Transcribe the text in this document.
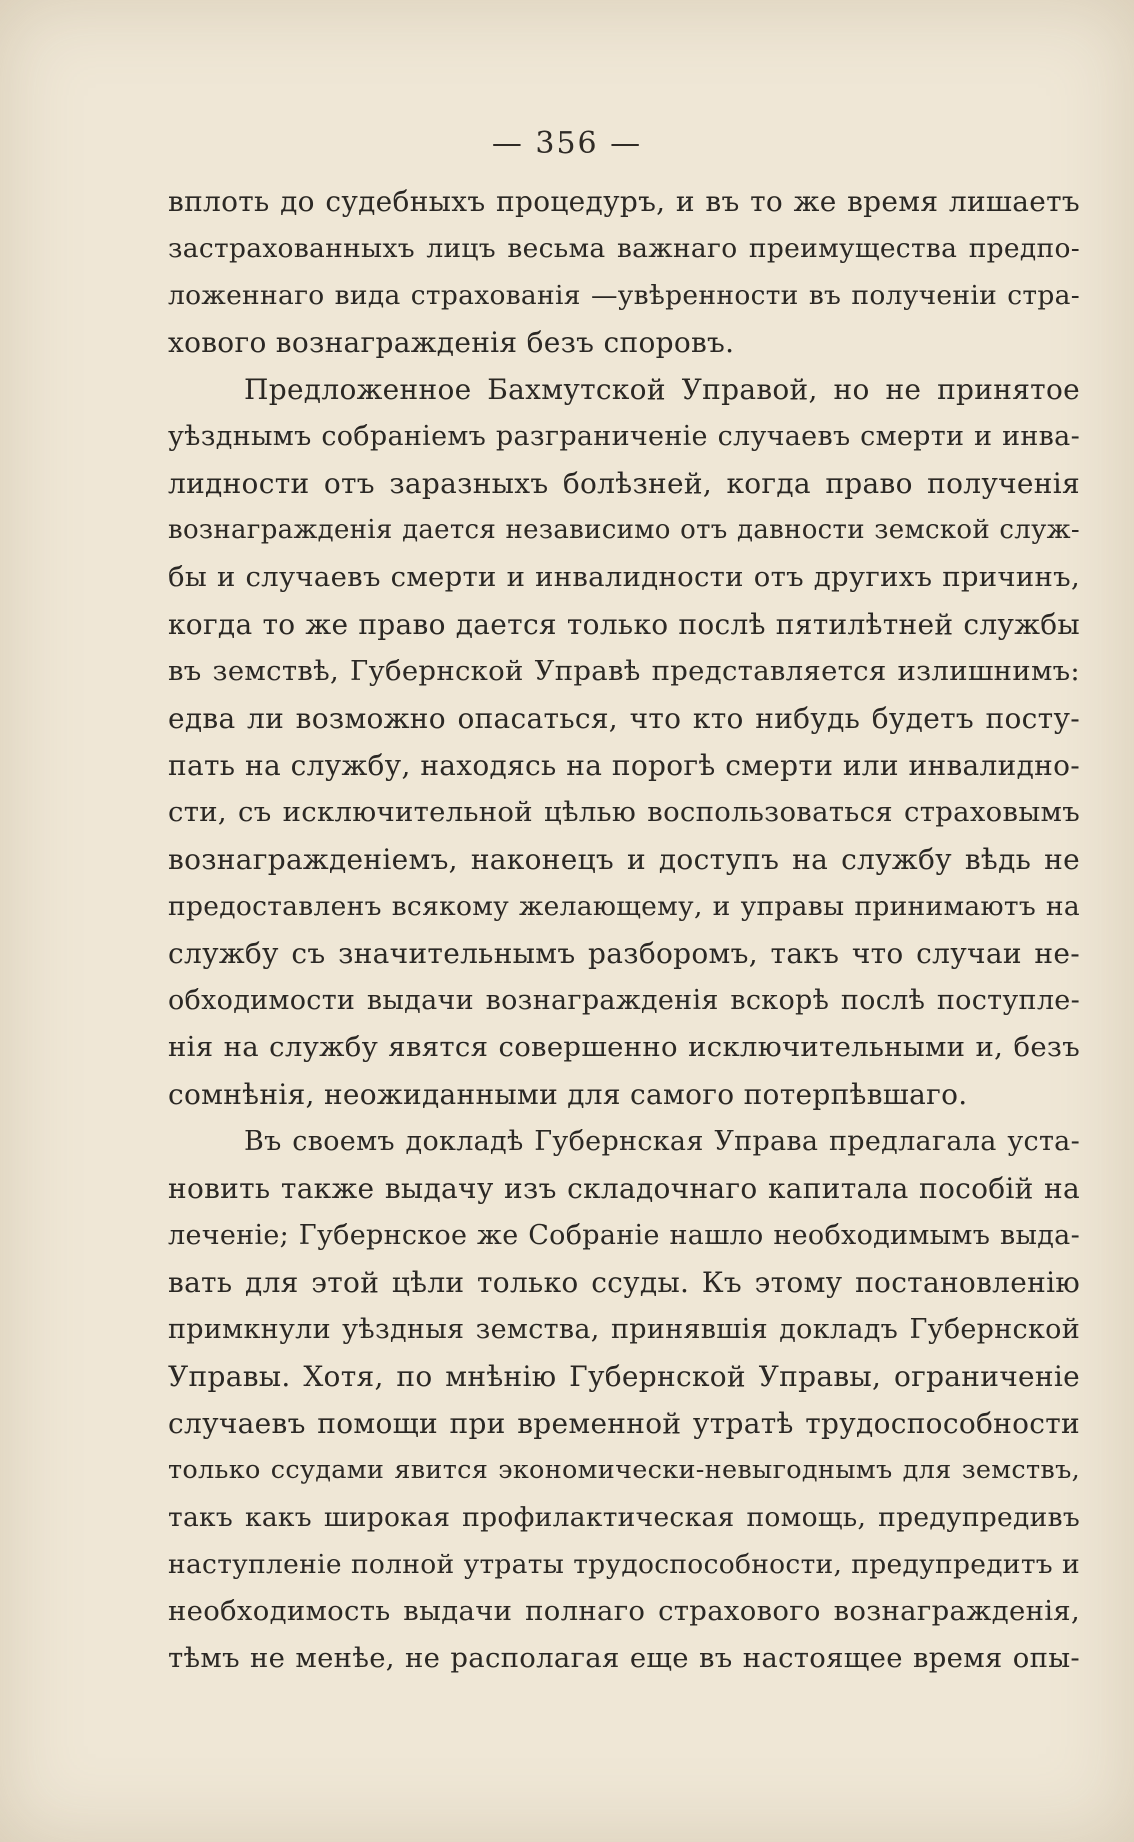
— 356 —
вплоть до судебныхъ процедуръ, и въ то же время лишаетъ
застрахованныхъ лицъ весьма важнаго преимущества предпо-
ложеннаго вида страхованія —увѣренности въ полученіи стра-
хового вознагражденія безъ споровъ.
Предложенное Бахмутской Управой, но не принятое
уѣзднымъ собраніемъ разграниченіе случаевъ смерти и инва-
лидности отъ заразныхъ болѣзней, когда право полученія
вознагражденія дается независимо отъ давности земской служ-
бы и случаевъ смерти и инвалидности отъ другихъ причинъ,
когда то же право дается только послѣ пятилѣтней службы
въ земствѣ, Губернской Управѣ представляется излишнимъ:
едва ли возможно опасаться, что кто нибудь будетъ посту-
пать на службу, находясь на порогѣ смерти или инвалидно-
сти, съ исключительной цѣлью воспользоваться страховымъ
вознагражденіемъ, наконецъ и доступъ на службу вѣдь не
предоставленъ всякому желающему, и управы принимаютъ на
службу съ значительнымъ разборомъ, такъ что случаи не-
обходимости выдачи вознагражденія вскорѣ послѣ поступле-
нія на службу явятся совершенно исключительными и, безъ
сомнѣнія, неожиданными для самого потерпѣвшаго.
Въ своемъ докладѣ Губернская Управа предлагала уста-
новить также выдачу изъ складочнаго капитала пособій на
леченіе; Губернское же Собраніе нашло необходимымъ выда-
вать для этой цѣли только ссуды. Къ этому постановленію
примкнули уѣздныя земства, принявшія докладъ Губернской
Управы. Хотя, по мнѣнію Губернской Управы, ограниченіе
случаевъ помощи при временной утратѣ трудоспособности
только ссудами явится экономически-невыгоднымъ для земствъ,
такъ какъ широкая профилактическая помощь, предупредивъ
наступленіе полной утраты трудоспособности, предупредитъ и
необходимость выдачи полнаго страхового вознагражденія,
тѣмъ не менѣе, не располагая еще въ настоящее время опы-
